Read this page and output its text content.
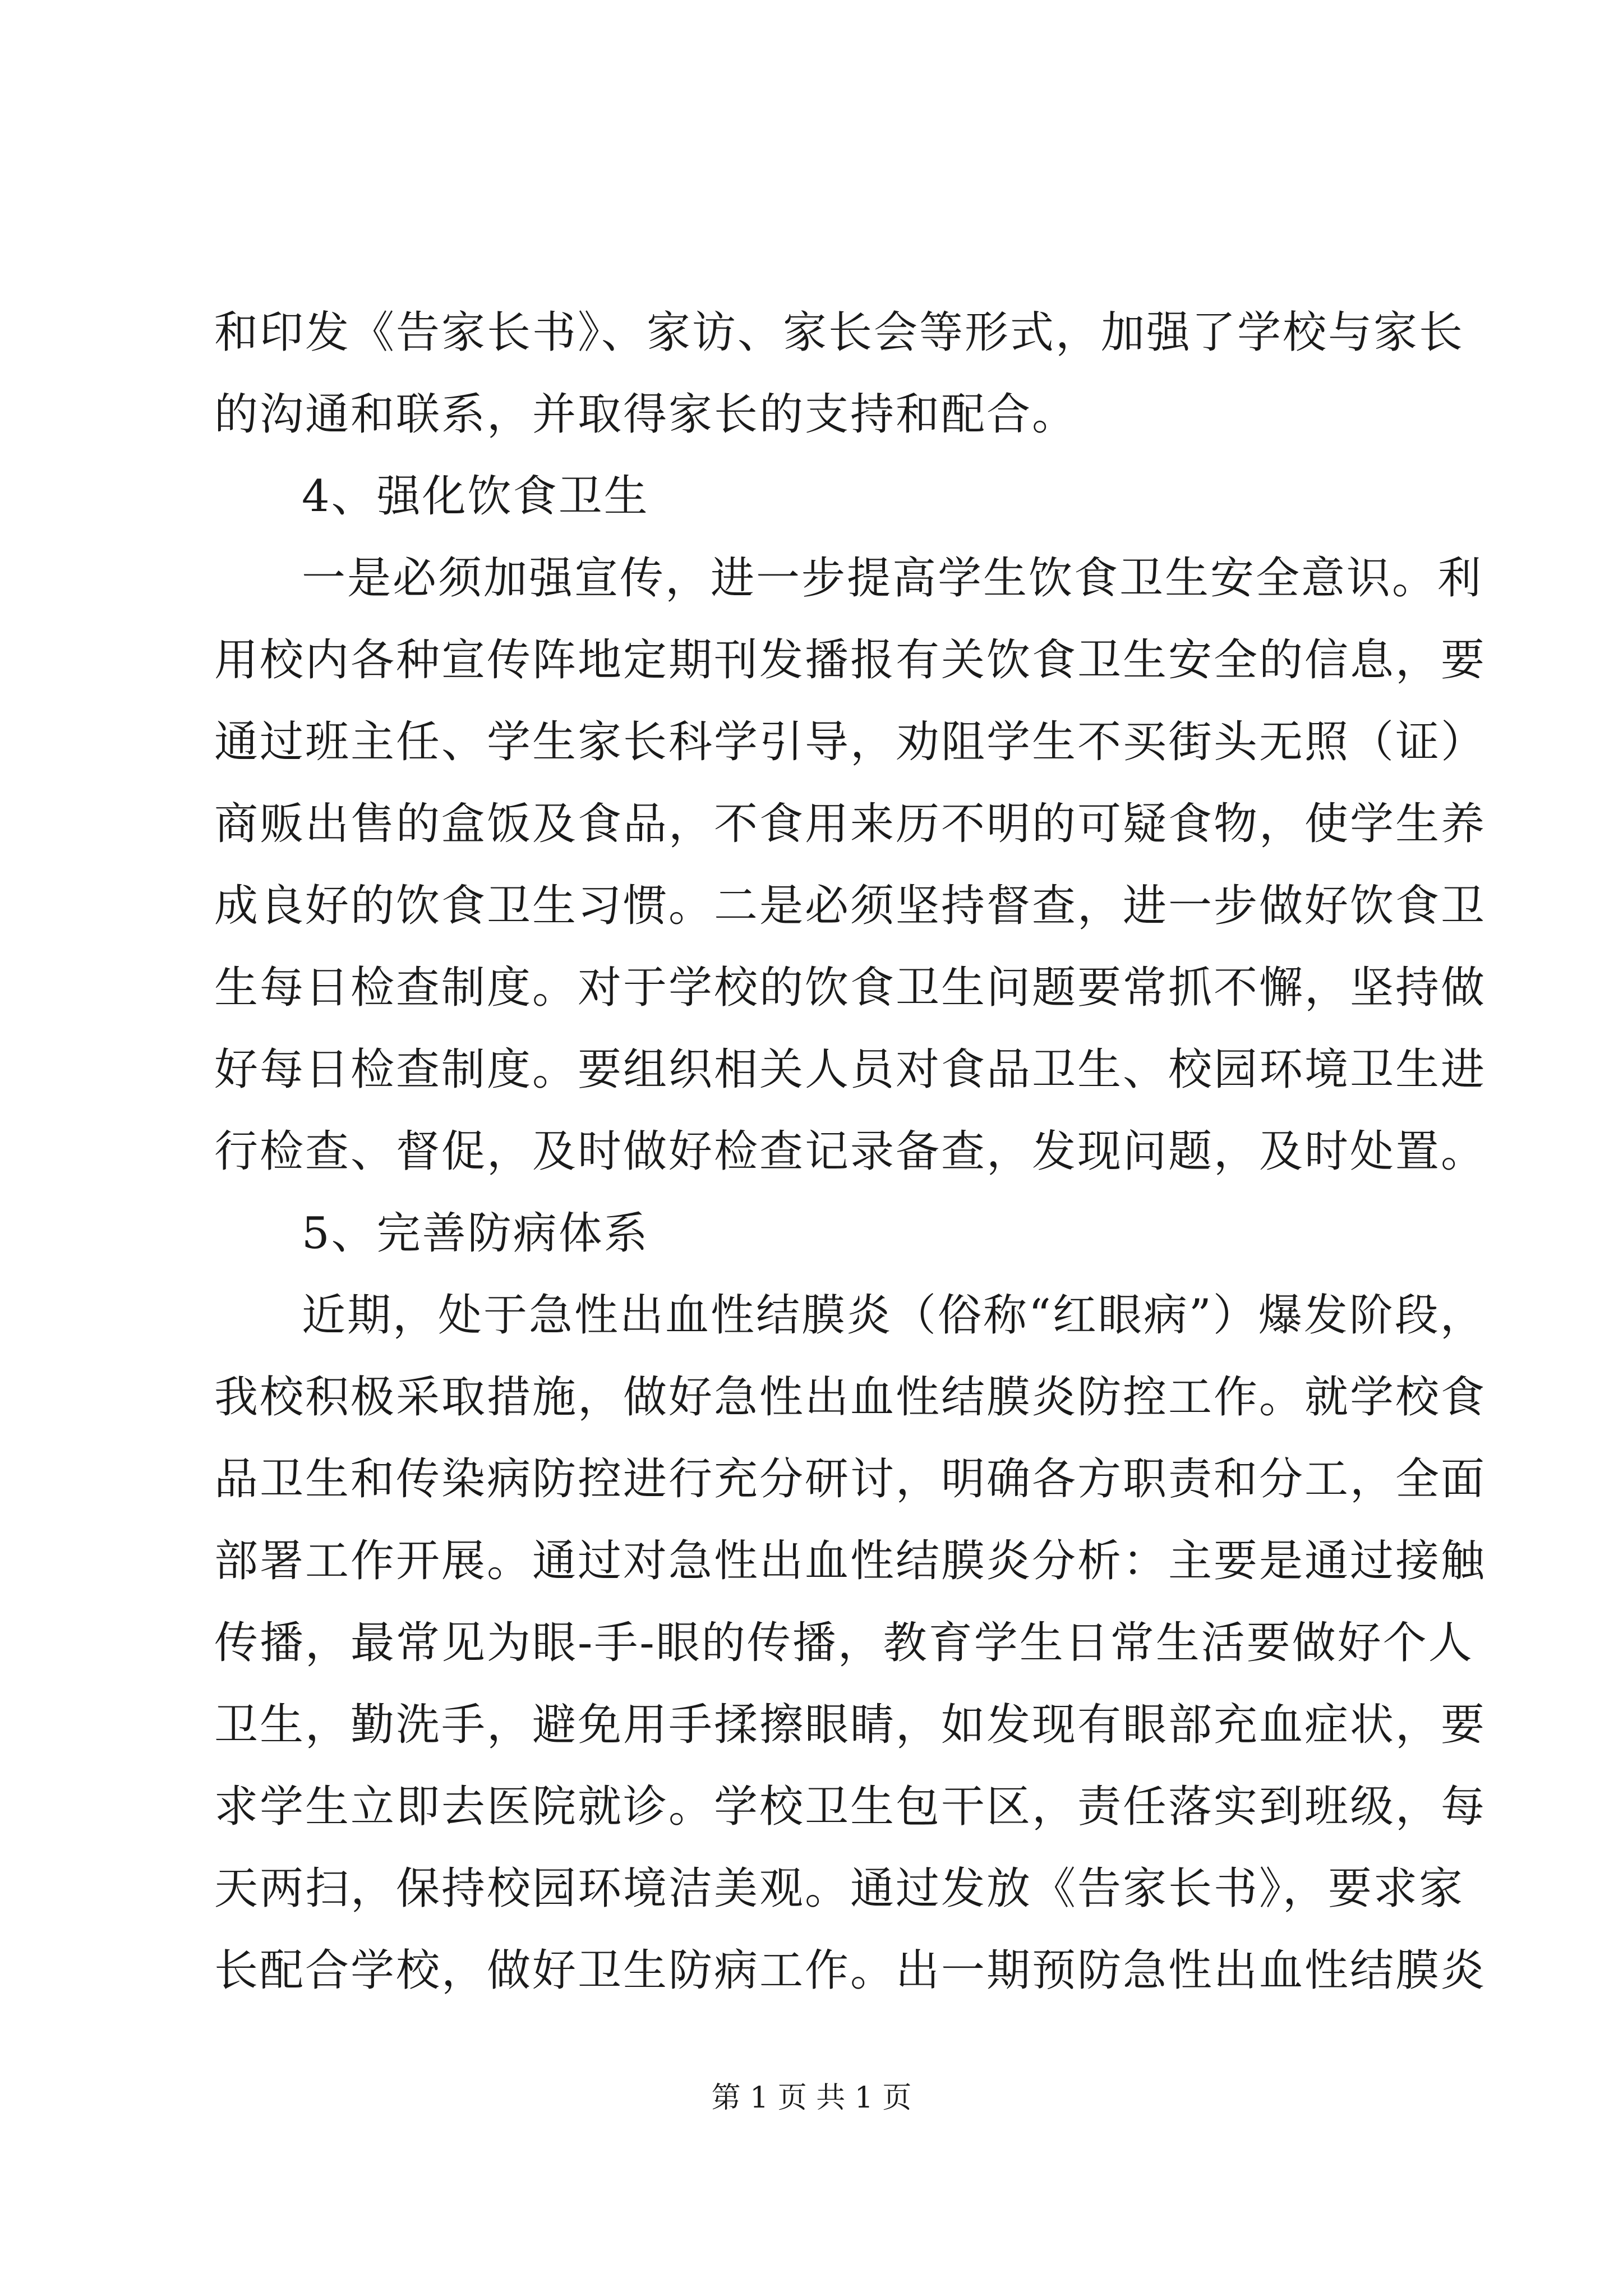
和印发《告家长书》、家访、家长会等形式，加强了学校与家长
的沟通和联系，并取得家长的支持和配合。
4、强化饮食卫生
一是必须加强宣传，进一步提高学生饮食卫生安全意识。利
用校内各种宣传阵地定期刊发播报有关饮食卫生安全的信息，要
通过班主任、学生家长科学引导，劝阻学生不买街头无照（证）
商贩出售的盒饭及食品，不食用来历不明的可疑食物，使学生养
成良好的饮食卫生习惯。二是必须坚持督查，进一步做好饮食卫
生每日检查制度。对于学校的饮食卫生问题要常抓不懈，坚持做
好每日检查制度。要组织相关人员对食品卫生、校园环境卫生进
行检查、督促，及时做好检查记录备查，发现问题，及时处置。
5、完善防病体系
近期，处于急性出血性结膜炎（俗称“红眼病”）爆发阶段，
我校积极采取措施，做好急性出血性结膜炎防控工作。就学校食
品卫生和传染病防控进行充分研讨，明确各方职责和分工，全面
部署工作开展。通过对急性出血性结膜炎分析：主要是通过接触
传播，最常见为眼-手-眼的传播，教育学生日常生活要做好个人
卫生，勤洗手，避免用手揉擦眼睛，如发现有眼部充血症状，要
求学生立即去医院就诊。学校卫生包干区，责任落实到班级，每
天两扫，保持校园环境洁美观。通过发放《告家长书》，要求家
长配合学校，做好卫生防病工作。出一期预防急性出血性结膜炎
第 1 页 共 1 页
